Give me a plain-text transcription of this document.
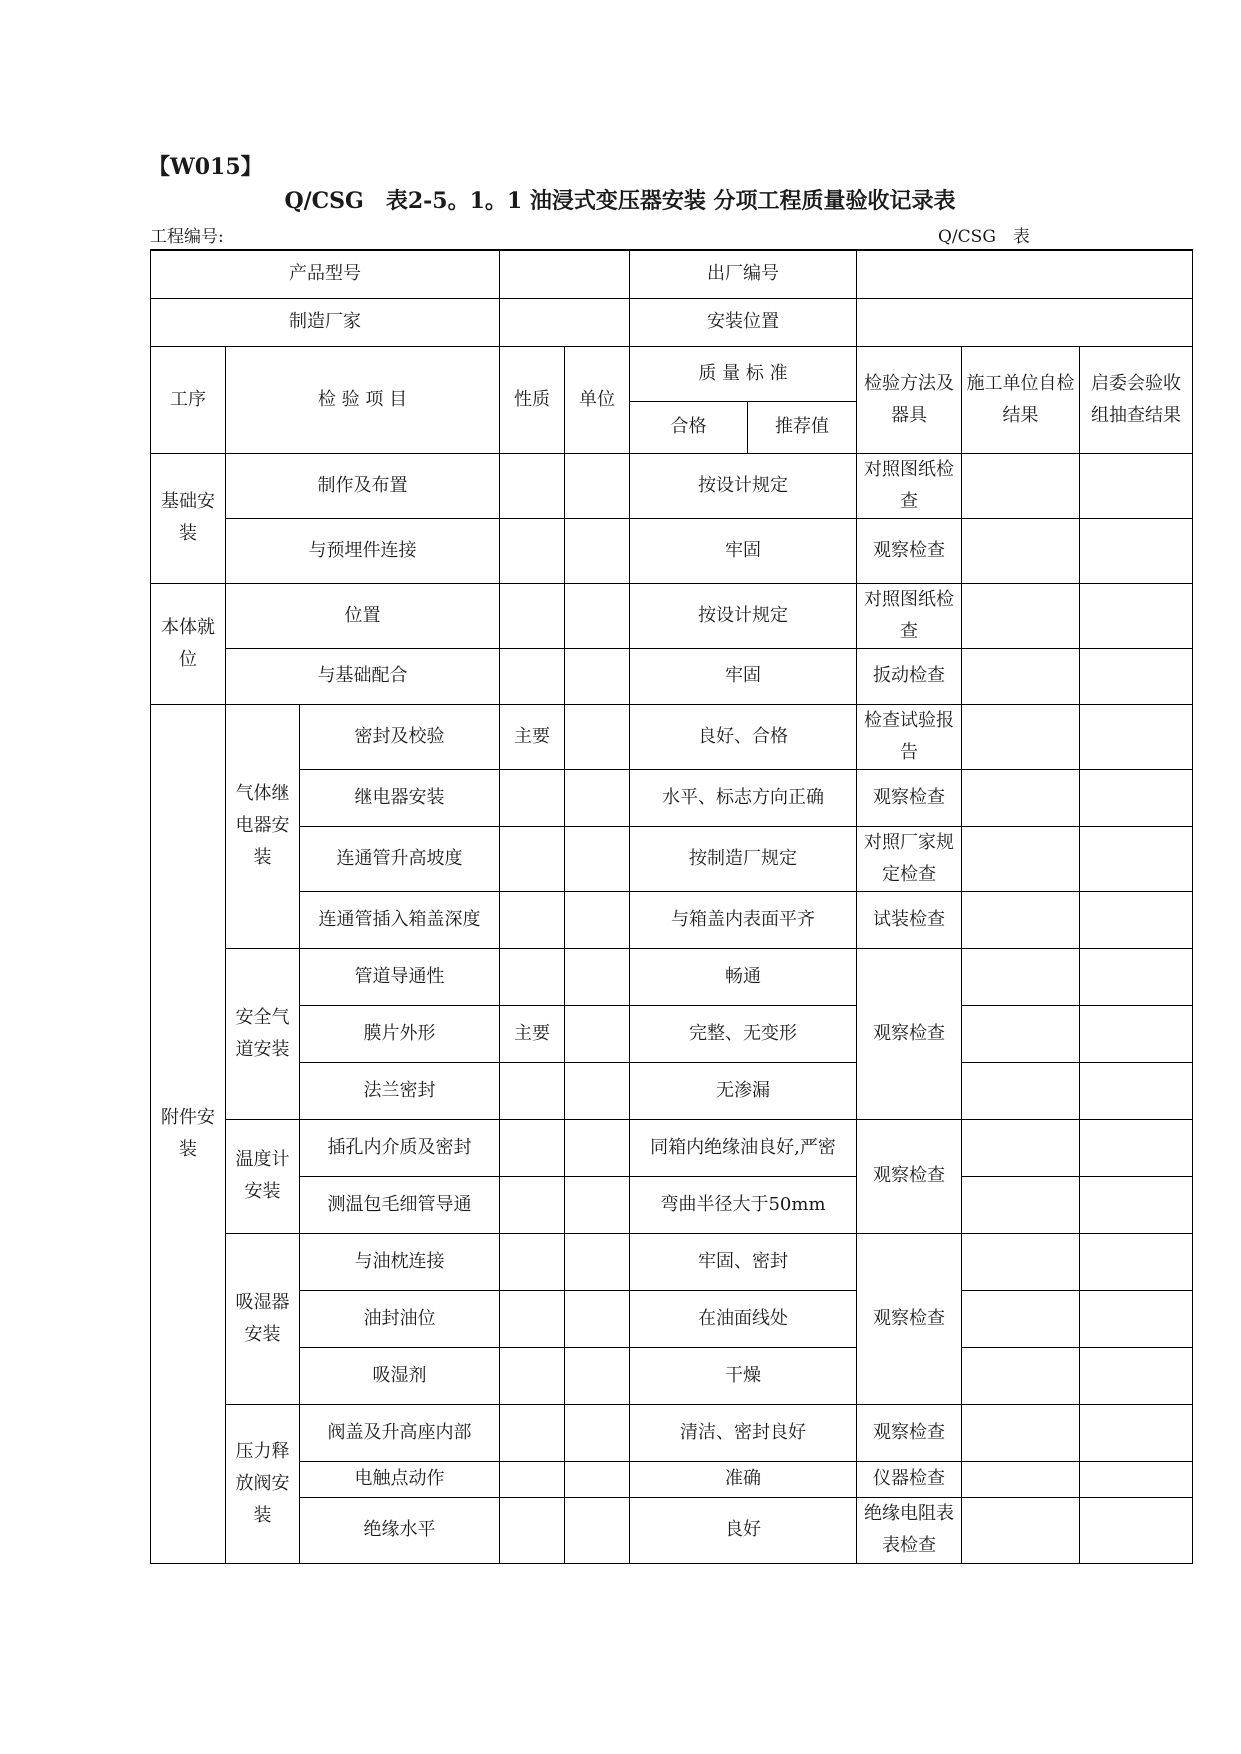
【W015】
Q/CSG　表2-5。1。1 油浸式变压器安装 分项工程质量验收记录表
工程编号:	Q/CSG　表
产品型号					出厂编号				
制造厂家					安装位置				
工序	检 验 项 目		性质	单位	质 量 标 准		检验方法及器具	施工单位自检结果	启委会验收组抽查结果
					合格	推荐值			
基础安装	制作及布置				按设计规定		对照图纸检查		
	与预埋件连接				牢固		观察检查		
本体就位	位置				按设计规定		对照图纸检查		
	与基础配合				牢固		扳动检查		
附件安装	气体继电器安装	密封及校验	主要		良好、合格		检查试验报告		
		继电器安装			水平、标志方向正确		观察检查		
		连通管升高坡度			按制造厂规定		对照厂家规定检查		
		连通管插入箱盖深度			与箱盖内表面平齐		试装检查		
	安全气道安装	管道导通性			畅通		观察检查		
		膜片外形	主要		完整、无变形				
		法兰密封			无渗漏				
	温度计安装	插孔内介质及密封			同箱内绝缘油良好,严密		观察检查		
		测温包毛细管导通			弯曲半径大于50mm				
	吸湿器安装	与油枕连接			牢固、密封		观察检查		
		油封油位			在油面线处				
		吸湿剂			干燥				
	压力释放阀安装	阀盖及升高座内部			清洁、密封良好		观察检查		
		电触点动作			准确		仪器检查		
		绝缘水平			良好		绝缘电阻表表检查		
